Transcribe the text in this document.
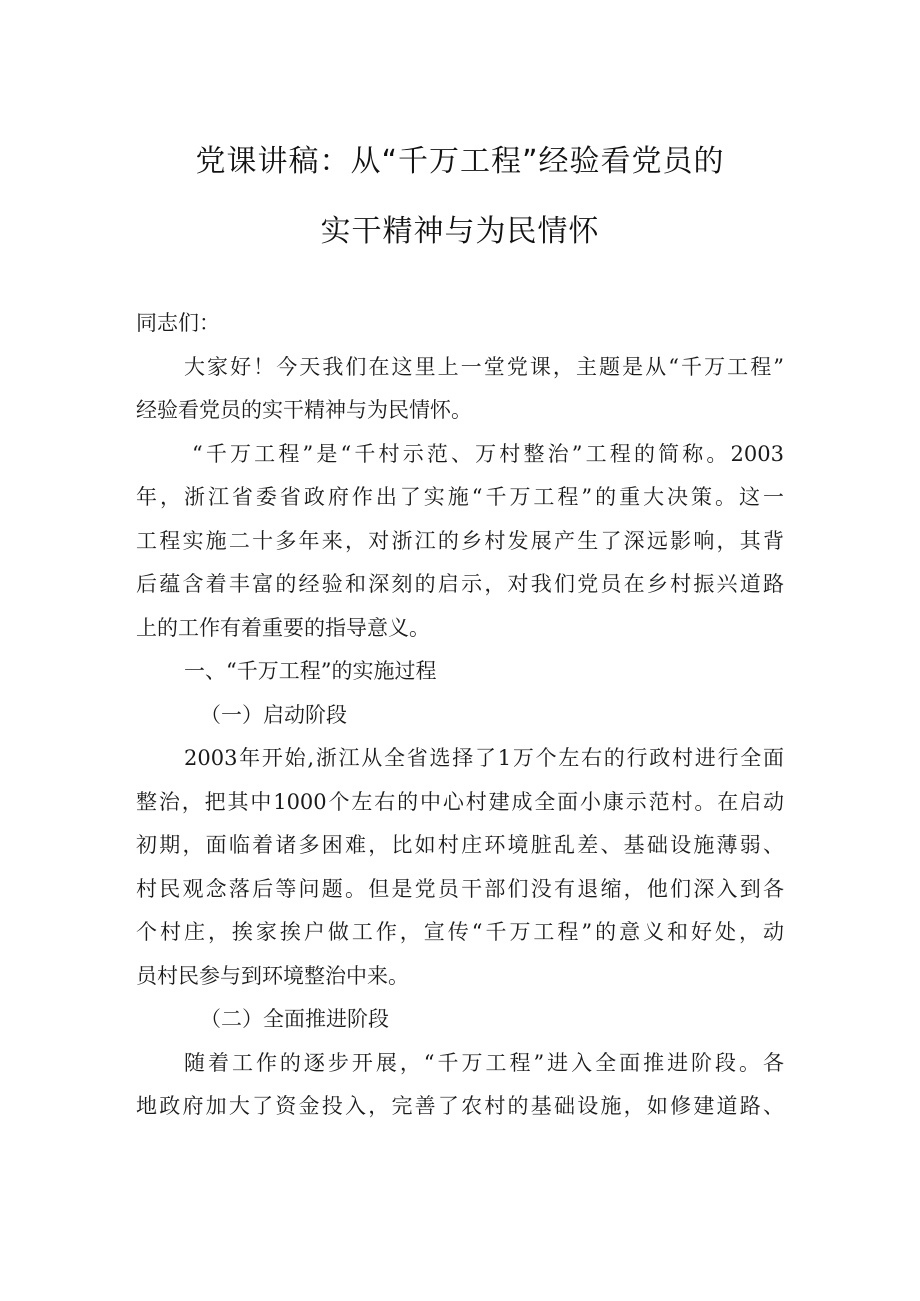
党课讲稿：从“千万工程”经验看党员的
实干精神与为民情怀
同志们：
大家好！今天我们在这里上一堂党课，主题是从“千万工程”
经验看党员的实干精神与为民情怀。
“千万工程”是“千村示范、万村整治”工程的简称。2003
年，浙江省委省政府作出了实施“千万工程”的重大决策。这一
工程实施二十多年来，对浙江的乡村发展产生了深远影响，其背
后蕴含着丰富的经验和深刻的启示，对我们党员在乡村振兴道路
上的工作有着重要的指导意义。
一、“千万工程”的实施过程
（一）启动阶段
2003年开始,浙江从全省选择了1万个左右的行政村进行全面
整治，把其中1000个左右的中心村建成全面小康示范村。在启动
初期，面临着诸多困难，比如村庄环境脏乱差、基础设施薄弱、
村民观念落后等问题。但是党员干部们没有退缩，他们深入到各
个村庄，挨家挨户做工作，宣传“千万工程”的意义和好处，动
员村民参与到环境整治中来。
（二）全面推进阶段
随着工作的逐步开展，“千万工程”进入全面推进阶段。各
地政府加大了资金投入，完善了农村的基础设施，如修建道路、
